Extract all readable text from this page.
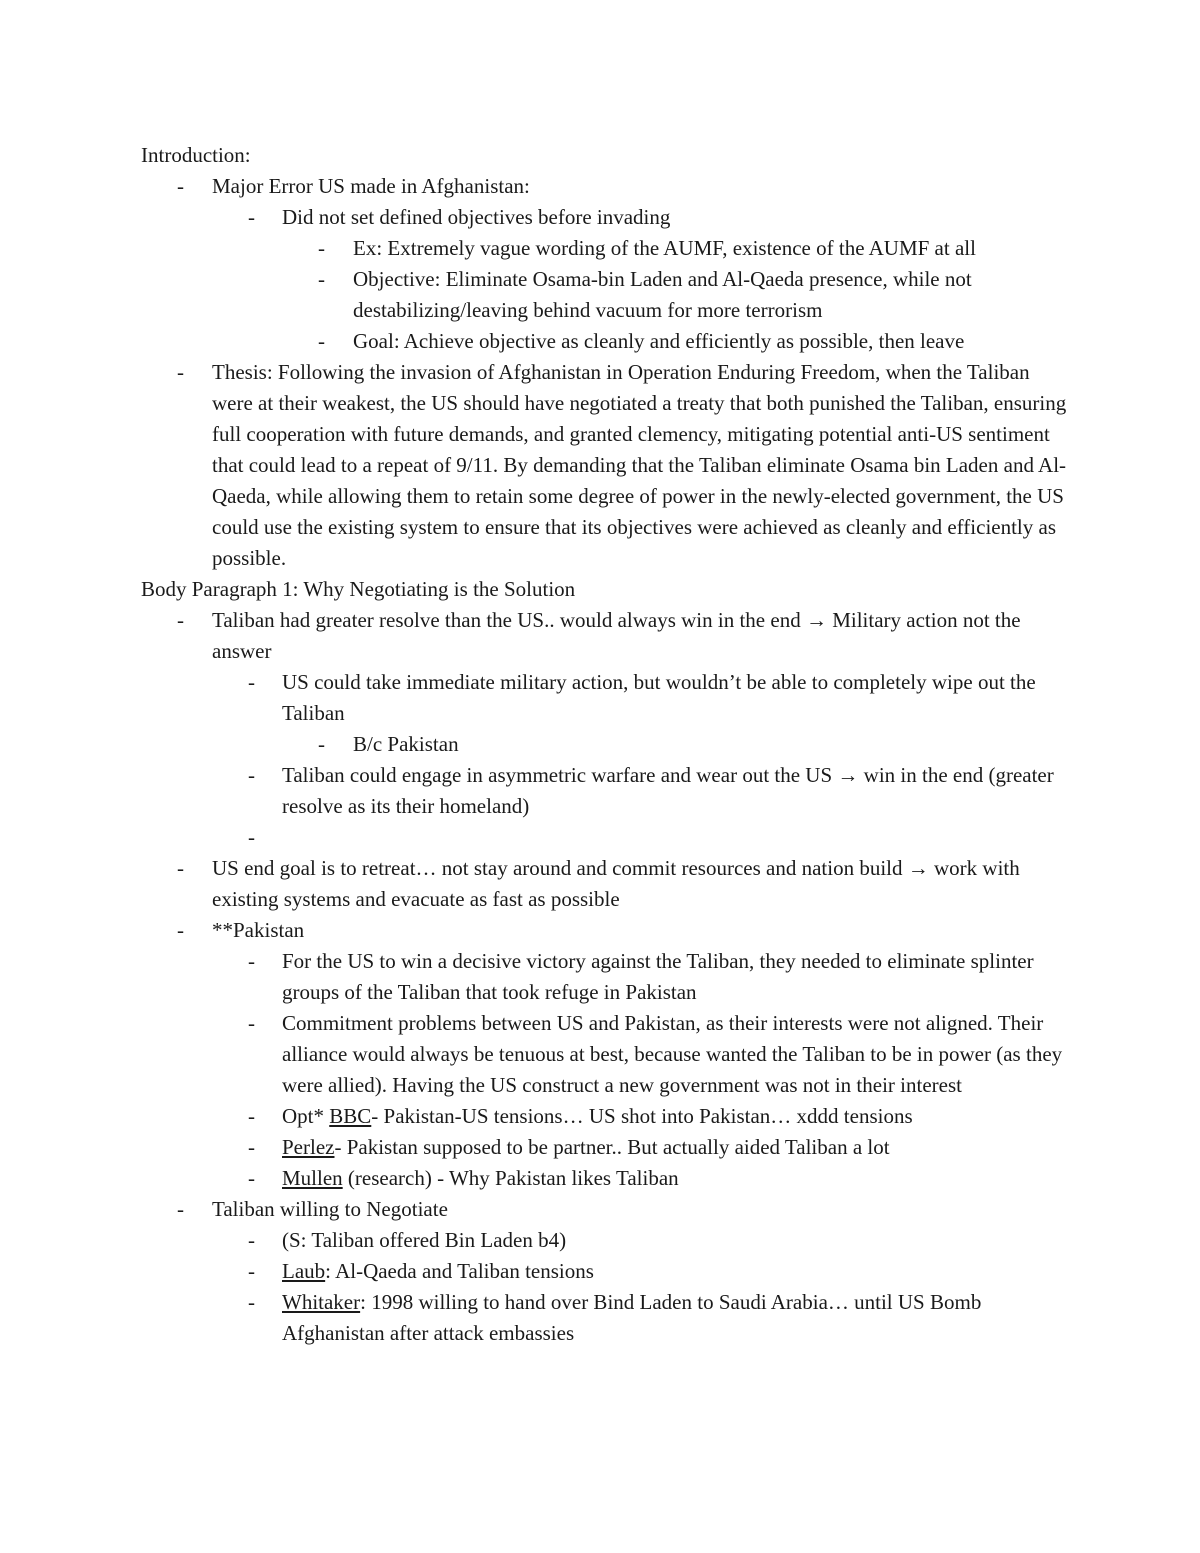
Introduction:
-	Major Error US made in Afghanistan:
-	Did not set defined objectives before invading
-	Ex: Extremely vague wording of the AUMF, existence of the AUMF at all
-	Objective: Eliminate Osama-bin Laden and Al-Qaeda presence, while not destabilizing/leaving behind vacuum for more terrorism
-	Goal: Achieve objective as cleanly and efficiently as possible, then leave
-	Thesis: Following the invasion of Afghanistan in Operation Enduring Freedom, when the Taliban were at their weakest, the US should have negotiated a treaty that both punished the Taliban, ensuring full cooperation with future demands, and granted clemency, mitigating potential anti-US sentiment that could lead to a repeat of 9/11. By demanding that the Taliban eliminate Osama bin Laden and Al-Qaeda, while allowing them to retain some degree of power in the newly-elected government, the US could use the existing system to ensure that its objectives were achieved as cleanly and efficiently as possible.
Body Paragraph 1: Why Negotiating is the Solution
-	Taliban had greater resolve than the US.. would always win in the end → Military action not the answer
-	US could take immediate military action, but wouldn’t be able to completely wipe out the Taliban
-	B/c Pakistan
-	Taliban could engage in asymmetric warfare and wear out the US → win in the end (greater resolve as its their homeland)
-
-	US end goal is to retreat… not stay around and commit resources and nation build → work with existing systems and evacuate as fast as possible
-	**Pakistan
-	For the US to win a decisive victory against the Taliban, they needed to eliminate splinter groups of the Taliban that took refuge in Pakistan
-	Commitment problems between US and Pakistan, as their interests were not aligned. Their alliance would always be tenuous at best, because wanted the Taliban to be in power (as they were allied). Having the US construct a new government was not in their interest
-	Opt* BBC- Pakistan-US tensions… US shot into Pakistan… xddd tensions
-	Perlez- Pakistan supposed to be partner.. But actually aided Taliban a lot
-	Mullen (research) - Why Pakistan likes Taliban
-	Taliban willing to Negotiate
-	(S: Taliban offered Bin Laden b4)
-	Laub: Al-Qaeda and Taliban tensions
-	Whitaker: 1998 willing to hand over Bind Laden to Saudi Arabia… until US Bomb Afghanistan after attack embassies
